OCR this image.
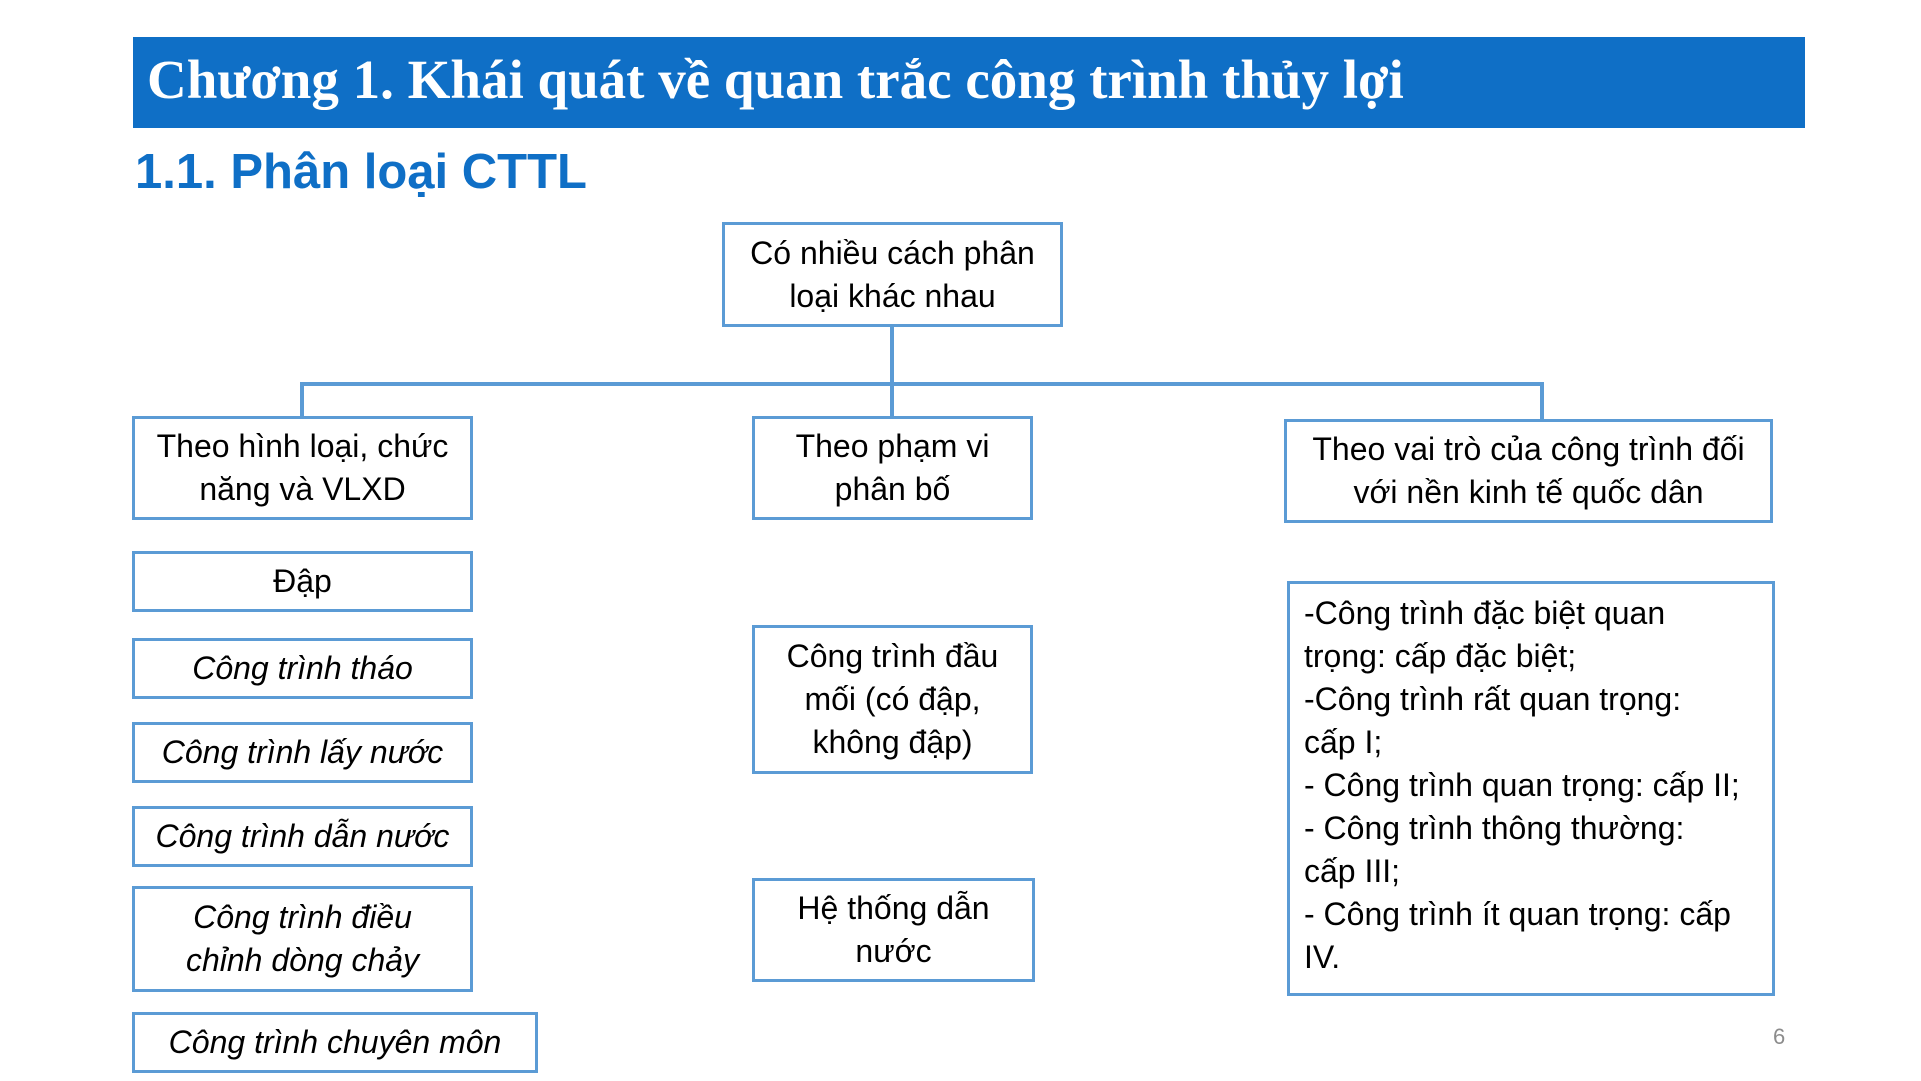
Chương 1. Khái quát về quan trắc công trình thủy lợi
1.1. Phân loại CTTL
Có nhiều cách phân loại khác nhau
Theo hình loại, chức năng và VLXD
Theo phạm vi phân bố
Theo vai trò của công trình đối với nền kinh tế quốc dân
Đập
Công trình tháo
Công trình lấy nước
Công trình dẫn nước
Công trình điều chỉnh dòng chảy
Công trình chuyên môn
Công trình đầu mối (có đập, không đập)
Hệ thống dẫn nước
-Công trình đặc biệt quan
trọng: cấp đặc biệt;
-Công trình rất quan trọng:
cấp I;
- Công trình quan trọng: cấp II;
- Công trình thông thường:
cấp III;
- Công trình ít quan trọng: cấp
IV.
6
